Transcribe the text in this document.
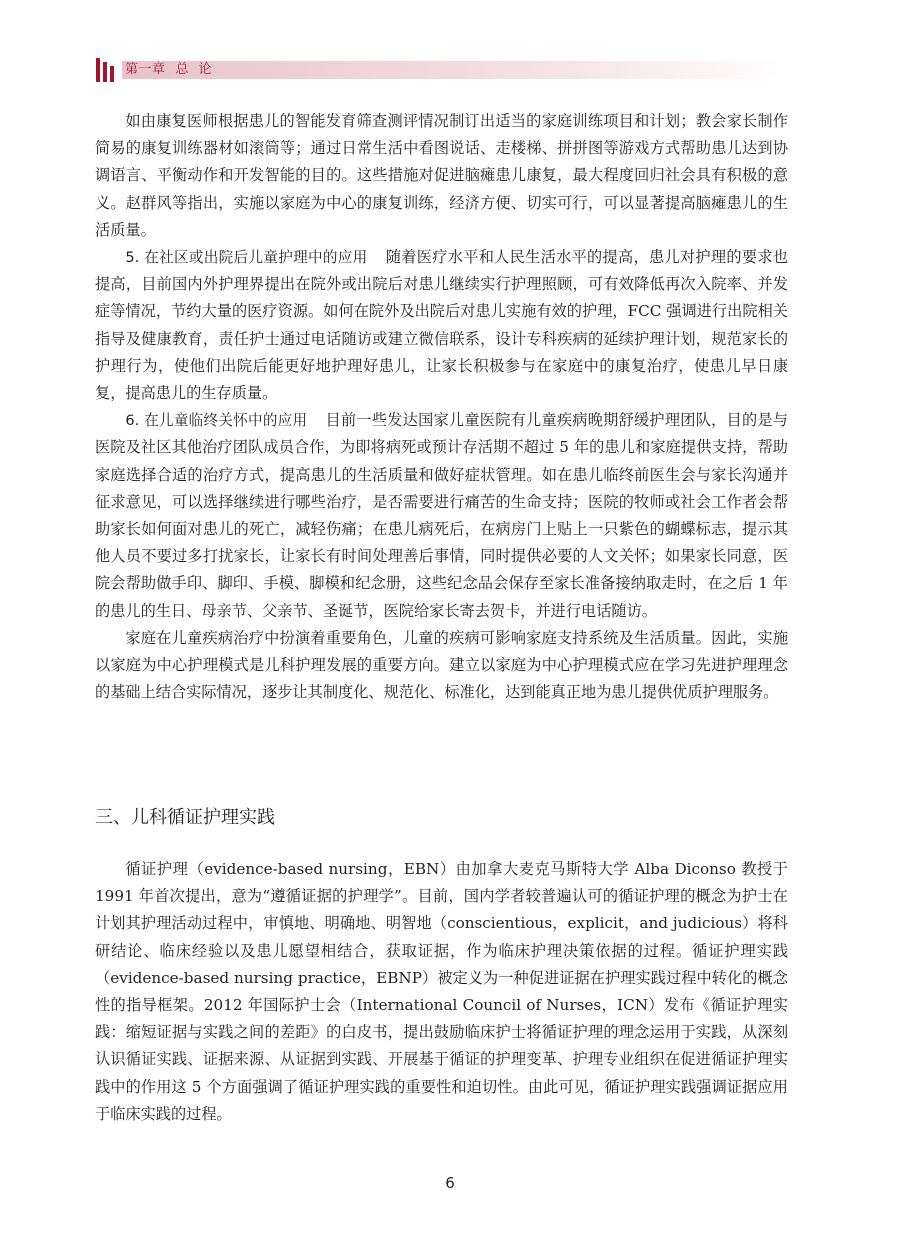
第一章 总论

如由康复医师根据患儿的智能发育筛查测评情况制订出适当的家庭训练项目和计划；教会家长制作简易的康复训练器材如滚筒等；通过日常生活中看图说话、走楼梯、拼拼图等游戏方式帮助患儿达到协调语言、平衡动作和开发智能的目的。这些措施对促进脑瘫患儿康复，最大程度回归社会具有积极的意义。赵群风等指出，实施以家庭为中心的康复训练，经济方便、切实可行，可以显著提高脑瘫患儿的生活质量。

5. 在社区或出院后儿童护理中的应用 随着医疗水平和人民生活水平的提高，患儿对护理的要求也提高，目前国内外护理界提出在院外或出院后对患儿继续实行护理照顾，可有效降低再次入院率、并发症等情况，节约大量的医疗资源。如何在院外及出院后对患儿实施有效的护理，FCC 强调进行出院相关指导及健康教育，责任护士通过电话随访或建立微信联系，设计专科疾病的延续护理计划，规范家长的护理行为，使他们出院后能更好地护理好患儿，让家长积极参与在家庭中的康复治疗，使患儿早日康复，提高患儿的生存质量。

6. 在儿童临终关怀中的应用 目前一些发达国家儿童医院有儿童疾病晚期舒缓护理团队，目的是与医院及社区其他治疗团队成员合作，为即将病死或预计存活期不超过 5 年的患儿和家庭提供支持，帮助家庭选择合适的治疗方式，提高患儿的生活质量和做好症状管理。如在患儿临终前医生会与家长沟通并征求意见，可以选择继续进行哪些治疗，是否需要进行痛苦的生命支持；医院的牧师或社会工作者会帮助家长如何面对患儿的死亡，减轻伤痛；在患儿病死后，在病房门上贴上一只紫色的蝴蝶标志，提示其他人员不要过多打扰家长，让家长有时间处理善后事情，同时提供必要的人文关怀；如果家长同意，医院会帮助做手印、脚印、手模、脚模和纪念册，这些纪念品会保存至家长准备接纳取走时，在之后 1 年的患儿的生日、母亲节、父亲节、圣诞节，医院给家长寄去贺卡，并进行电话随访。

家庭在儿童疾病治疗中扮演着重要角色，儿童的疾病可影响家庭支持系统及生活质量。因此，实施以家庭为中心护理模式是儿科护理发展的重要方向。建立以家庭为中心护理模式应在学习先进护理理念的基础上结合实际情况，逐步让其制度化、规范化、标准化，达到能真正地为患儿提供优质护理服务。

三、儿科循证护理实践

循证护理（evidence-based nursing，EBN）由加拿大麦克马斯特大学 Alba Diconso 教授于 1991 年首次提出，意为“遵循证据的护理学”。目前，国内学者较普遍认可的循证护理的概念为护士在计划其护理活动过程中，审慎地、明确地、明智地（conscientious，explicit，and judicious）将科研结论、临床经验以及患儿愿望相结合，获取证据，作为临床护理决策依据的过程。循证护理实践（evidence-based nursing practice，EBNP）被定义为一种促进证据在护理实践过程中转化的概念性的指导框架。2012 年国际护士会（International Council of Nurses，ICN）发布《循证护理实践：缩短证据与实践之间的差距》的白皮书，提出鼓励临床护士将循证护理的理念运用于实践，从深刻认识循证实践、证据来源、从证据到实践、开展基于循证的护理变革、护理专业组织在促进循证护理实践中的作用这 5 个方面强调了循证护理实践的重要性和迫切性。由此可见，循证护理实践强调证据应用于临床实践的过程。

6
